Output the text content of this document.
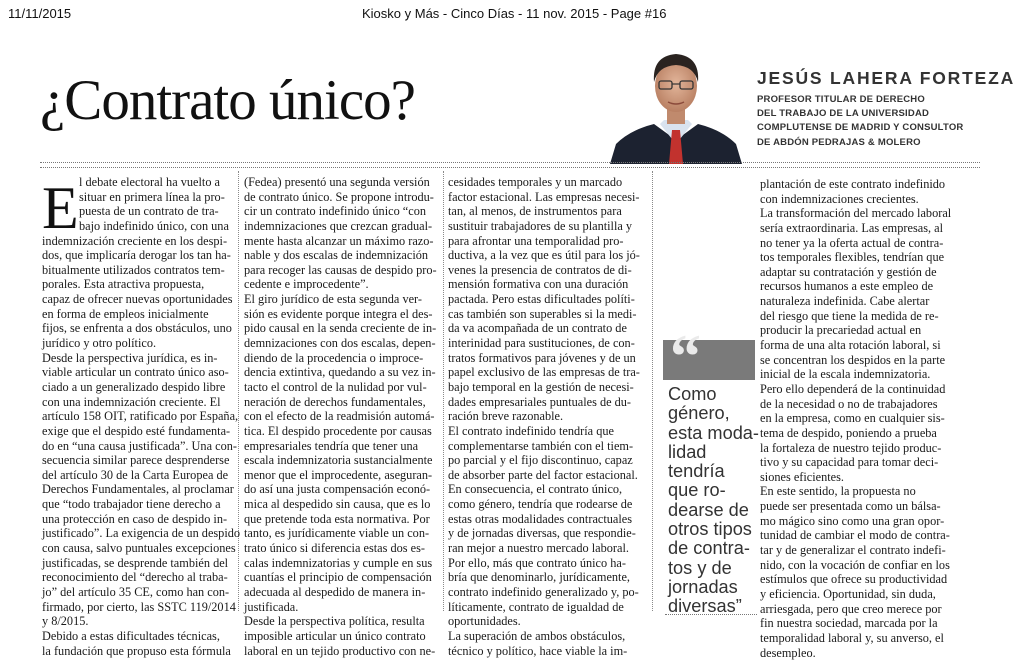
11/11/2015	Kiosko y Más - Cinco Días - 11 nov. 2015 - Page #16
¿Contrato único?	JESÚS LAHERA FORTEZA
PROFESOR TITULAR DE DERECHO
DEL TRABAJO DE LA UNIVERSIDAD
COMPLUTENSE DE MADRID Y CONSULTOR
DE ABDÓN PEDRAJAS & MOLERO
E l debate electoral ha vuelto a
situar en primera línea la pro-
puesta de un contrato de tra-
bajo indefinido único, con una
indemnización creciente en los despi-
dos, que implicaría derogar los tan ha-
bitualmente utilizados contratos tem-
porales. Esta atractiva propuesta,
capaz de ofrecer nuevas oportunidades
en forma de empleos inicialmente
fijos, se enfrenta a dos obstáculos, uno
jurídico y otro político.
Desde la perspectiva jurídica, es in-
viable articular un contrato único aso-
ciado a un generalizado despido libre
con una indemnización creciente. El
artículo 158 OIT, ratificado por España,
exige que el despido esté fundamenta-
do en “una causa justificada”. Una con-
secuencia similar parece desprenderse
del artículo 30 de la Carta Europea de
Derechos Fundamentales, al proclamar
que “todo trabajador tiene derecho a
una protección en caso de despido in-
justificado”. La exigencia de un despido
con causa, salvo puntuales excepciones
justificadas, se desprende también del
reconocimiento del “derecho al traba-
jo” del artículo 35 CE, como han con-
firmado, por cierto, las SSTC 119/2014
y 8/2015.
Debido a estas dificultades técnicas,
la fundación que propuso esta fórmula
(Fedea) presentó una segunda versión
de contrato único. Se propone introdu-
cir un contrato indefinido único “con
indemnizaciones que crezcan gradual-
mente hasta alcanzar un máximo razo-
nable y dos escalas de indemnización
para recoger las causas de despido pro-
cedente e improcedente”.
El giro jurídico de esta segunda ver-
sión es evidente porque integra el des-
pido causal en la senda creciente de in-
demnizaciones con dos escalas, depen-
diendo de la procedencia o improce-
dencia extintiva, quedando a su vez in-
tacto el control de la nulidad por vul-
neración de derechos fundamentales,
con el efecto de la readmisión automá-
tica. El despido procedente por causas
empresariales tendría que tener una
escala indemnizatoria sustancialmente
menor que el improcedente, aseguran-
do así una justa compensación econó-
mica al despedido sin causa, que es lo
que pretende toda esta normativa. Por
tanto, es jurídicamente viable un con-
trato único si diferencia estas dos es-
calas indemnizatorias y cumple en sus
cuantías el principio de compensación
adecuada al despedido de manera in-
justificada.
Desde la perspectiva política, resulta
imposible articular un único contrato
laboral en un tejido productivo con ne-
cesidades temporales y un marcado
factor estacional. Las empresas necesi-
tan, al menos, de instrumentos para
sustituir trabajadores de su plantilla y
para afrontar una temporalidad pro-
ductiva, a la vez que es útil para los jó-
venes la presencia de contratos de di-
mensión formativa con una duración
pactada. Pero estas dificultades políti-
cas también son superables si la medi-
da va acompañada de un contrato de
interinidad para sustituciones, de con-
tratos formativos para jóvenes y de un
papel exclusivo de las empresas de tra-
bajo temporal en la gestión de necesi-
dades empresariales puntuales de du-
ración breve razonable.
El contrato indefinido tendría que
complementarse también con el tiem-
po parcial y el fijo discontinuo, capaz
de absorber parte del factor estacional.
En consecuencia, el contrato único,
como género, tendría que rodearse de
estas otras modalidades contractuales
y de jornadas diversas, que respondie-
ran mejor a nuestro mercado laboral.
Por ello, más que contrato único ha-
bría que denominarlo, jurídicamente,
contrato indefinido generalizado y, po-
líticamente, contrato de igualdad de
oportunidades.
La superación de ambos obstáculos,
técnico y político, hace viable la im-
plantación de este contrato indefinido
con indemnizaciones crecientes.
La transformación del mercado laboral
sería extraordinaria. Las empresas, al
no tener ya la oferta actual de contra-
tos temporales flexibles, tendrían que
adaptar su contratación y gestión de
recursos humanos a este empleo de
naturaleza indefinida. Cabe alertar
del riesgo que tiene la medida de re-
producir la precariedad actual en
forma de una alta rotación laboral, si
se concentran los despidos en la parte
inicial de la escala indemnizatoria.
Pero ello dependerá de la continuidad
de la necesidad o no de trabajadores
en la empresa, como en cualquier sis-
tema de despido, poniendo a prueba
la fortaleza de nuestro tejido produc-
tivo y su capacidad para tomar deci-
siones eficientes.
En este sentido, la propuesta no
puede ser presentada como un bálsa-
mo mágico sino como una gran opor-
tunidad de cambiar el modo de contra-
tar y de generalizar el contrato indefi-
nido, con la vocación de confiar en los
estímulos que ofrece su productividad
y eficiencia. Oportunidad, sin duda,
arriesgada, pero que creo merece por
fin nuestra sociedad, marcada por la
temporalidad laboral y, su anverso, el
desempleo.
“
Como
género,
esta moda-
lidad
tendría
que ro-
dearse de
otros tipos
de contra-
tos y de
jornadas
diversas”
